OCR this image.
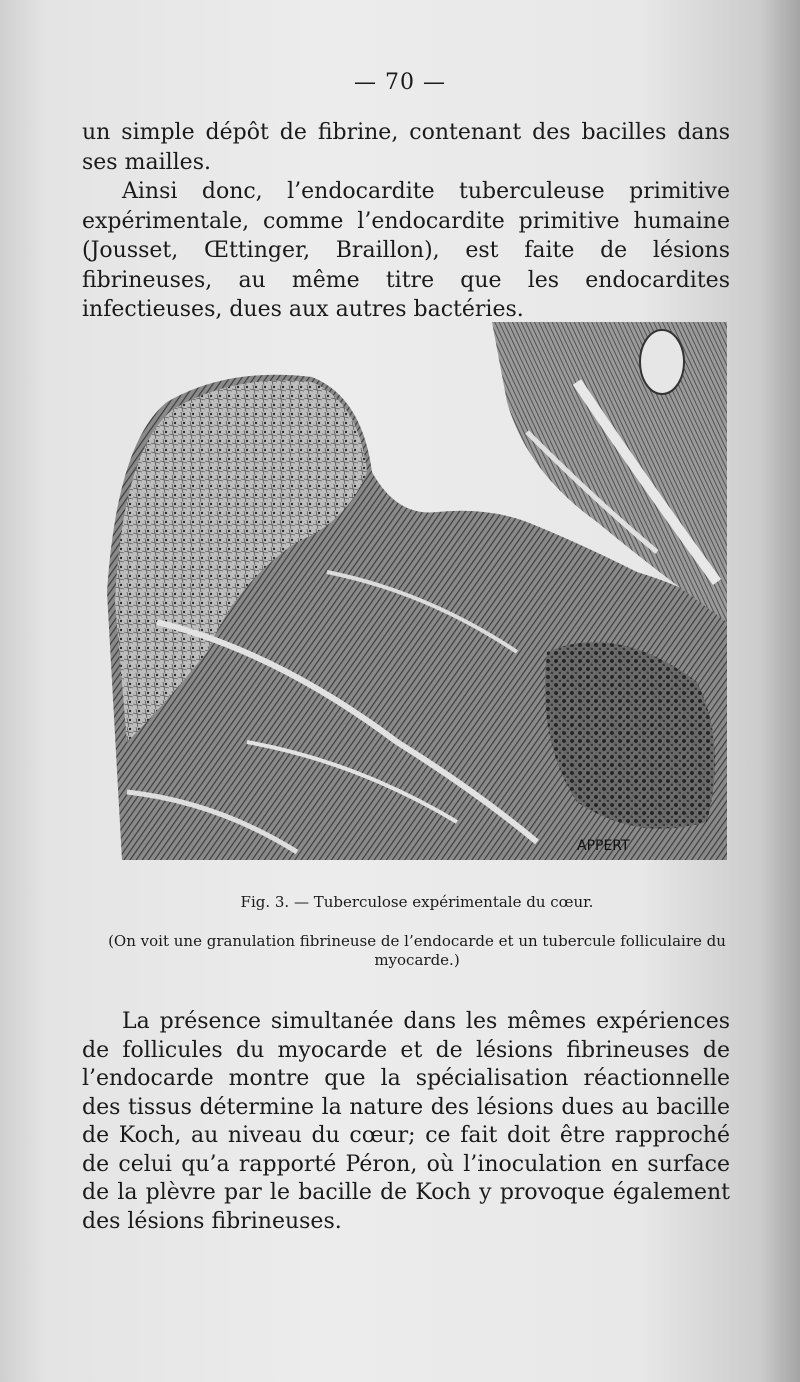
— 70 —

un simple dépôt de fibrine, contenant des bacilles dans ses mailles.

Ainsi donc, l’endocardite tuberculeuse primitive expérimentale, comme l’endocardite primitive humaine (Jousset, Œttinger, Braillon), est faite de lésions fibrineuses, au même titre que les endocardites infectieuses, dues aux autres bactéries.

APPERT
Fig. 3. — Tuberculose expérimentale du cœur.
(On voit une granulation fibrineuse de l’endocarde et un tubercule folliculaire du myocarde.)

La présence simultanée dans les mêmes expériences de follicules du myocarde et de lésions fibrineuses de l’endocarde montre que la spécialisation réactionnelle des tissus détermine la nature des lésions dues au bacille de Koch, au niveau du cœur; ce fait doit être rapproché de celui qu’a rapporté Péron, où l’inoculation en surface de la plèvre par le bacille de Koch y provoque également des lésions fibrineuses.
